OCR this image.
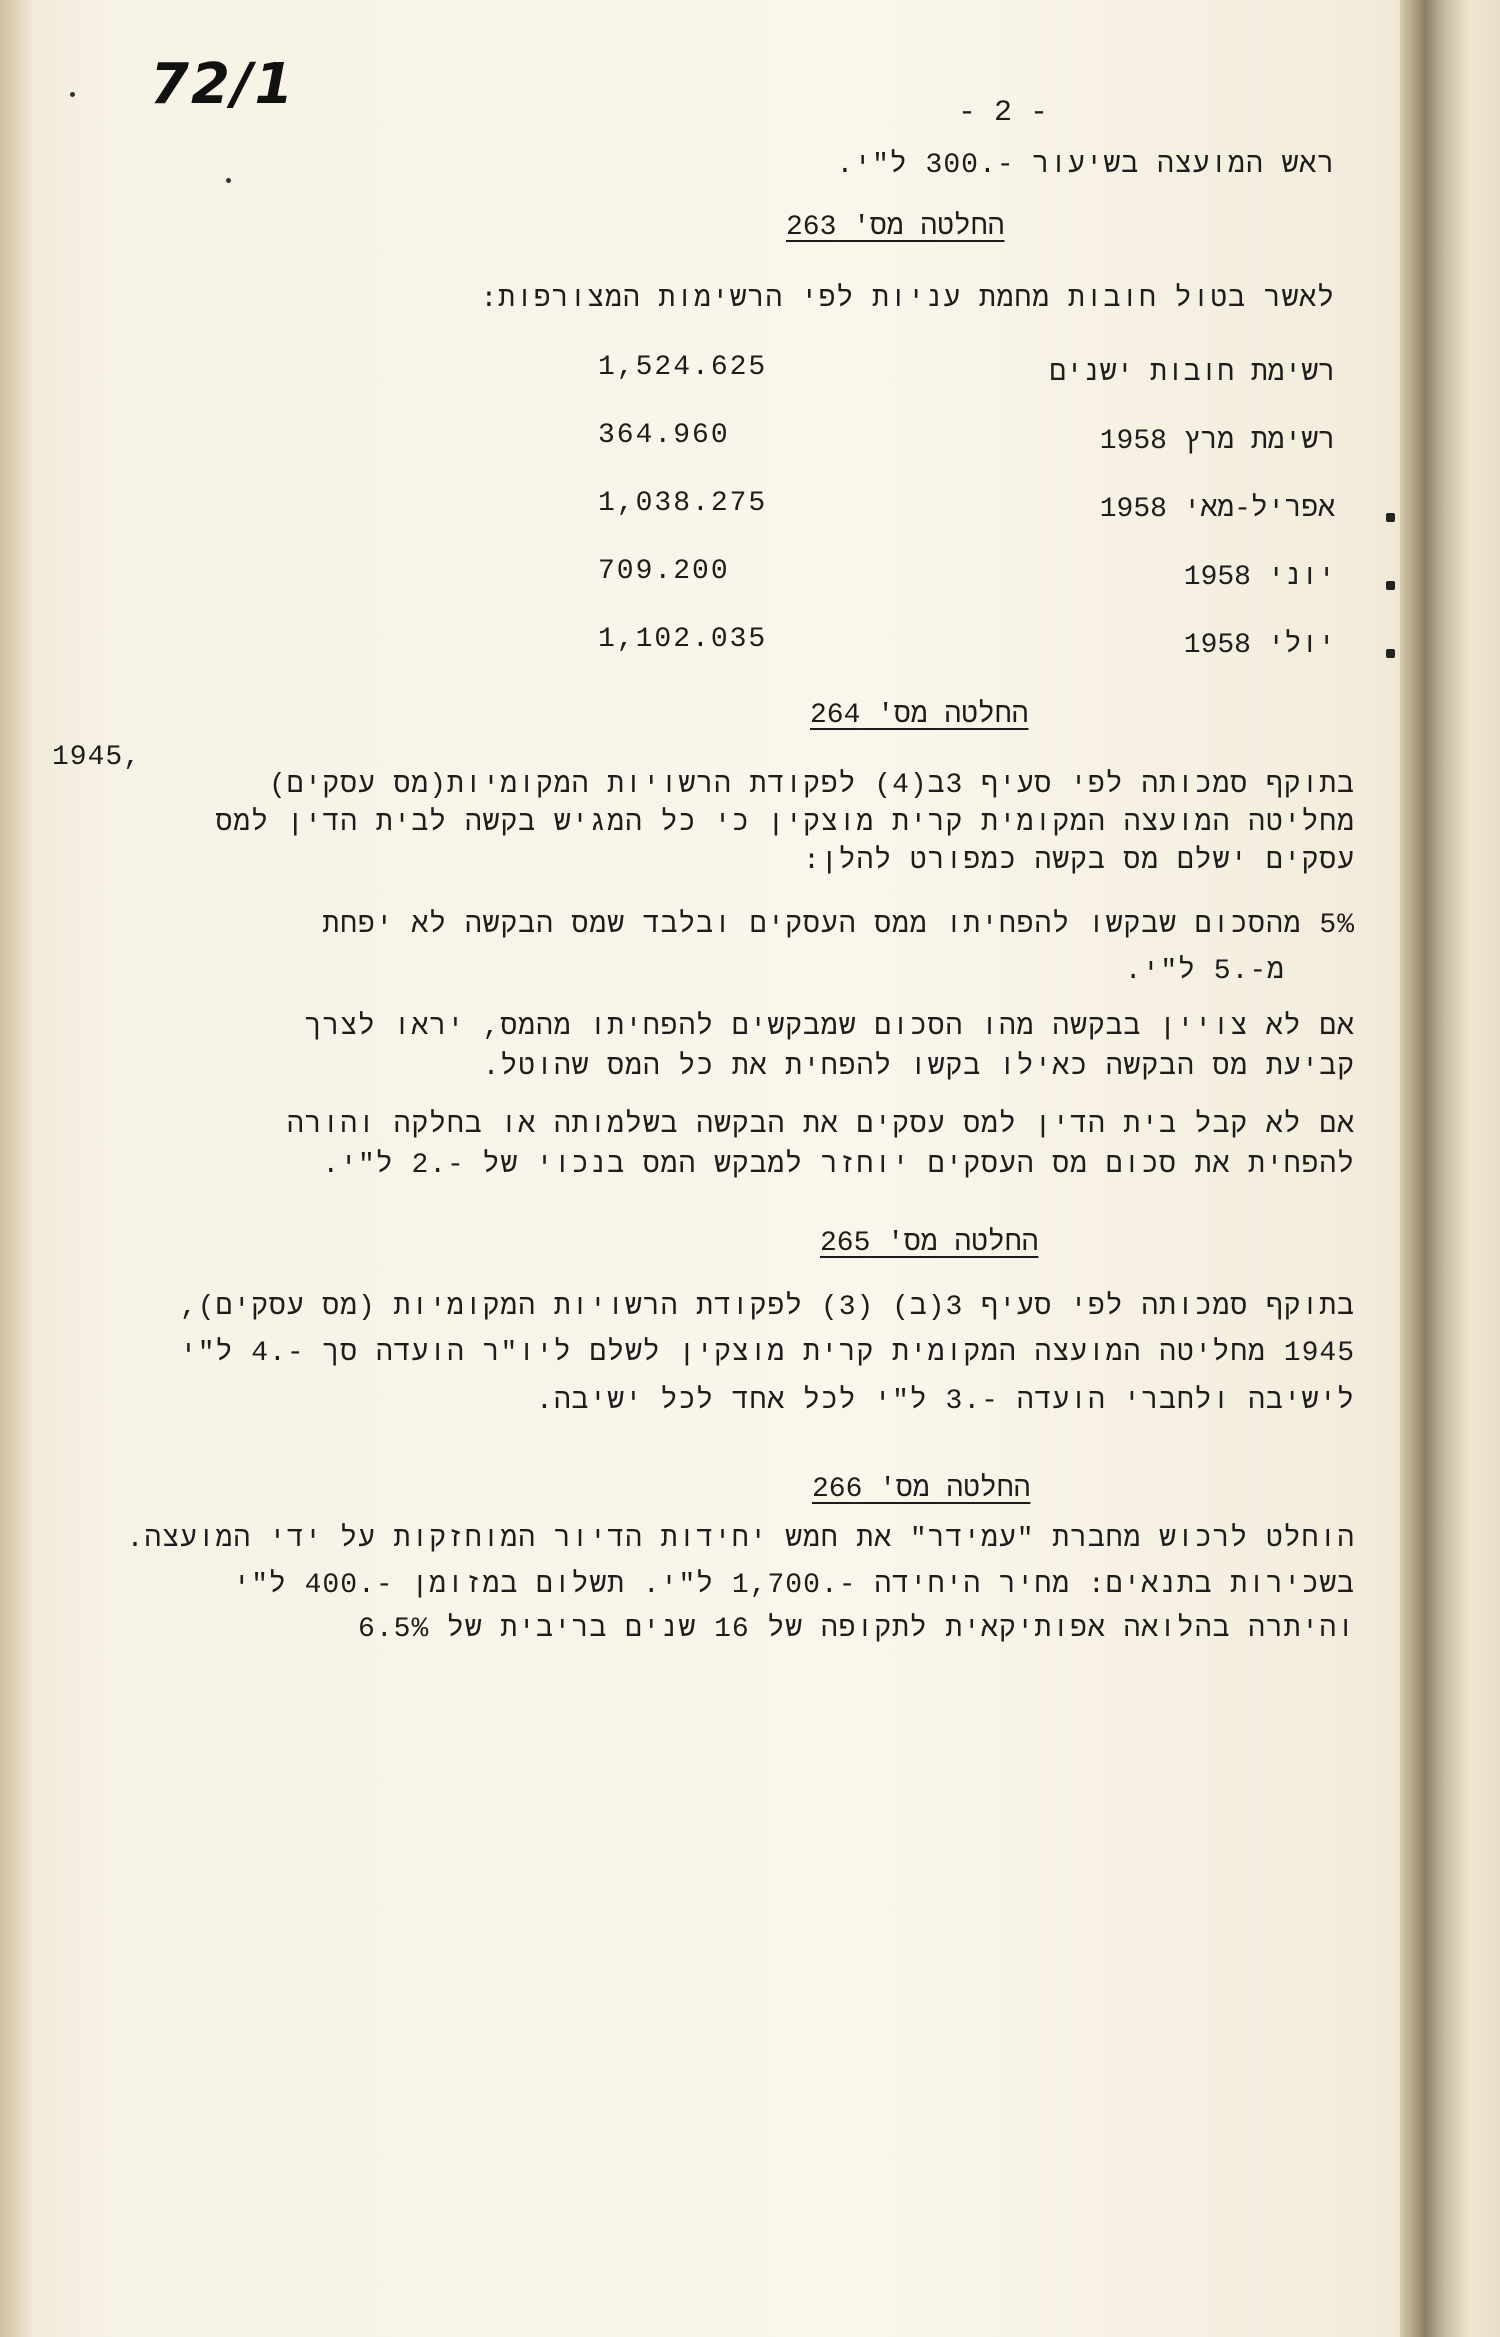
72/1	- 2 -
ראש המועצה בשיעור -.300 ל"י.
החלטה מס' 263
לאשר בטול חובות מחמת עניות לפי הרשימות המצורפות:
רשימת חובות ישנים
1,524.625
רשימת מרץ 1958
364.960
אפריל-מאי 1958
1,038.275
יוני 1958
709.200
יולי 1958
1,102.035
החלטה מס' 264
1945,
בתוקף סמכותה לפי סעיף 3ב(4) לפקודת הרשויות המקומיות(מס עסקים)
מחליטה המועצה המקומית קרית מוצקין כי כל המגיש בקשה לבית הדין למס
עסקים ישלם מס בקשה כמפורט להלן:
5% מהסכום שבקשו להפחיתו ממס העסקים ובלבד שמס הבקשה לא יפחת
מ-.5 ל"י.
אם לא צויין בבקשה מהו הסכום שמבקשים להפחיתו מהמס, יראו לצרך
קביעת מס הבקשה כאילו בקשו להפחית את כל המס שהוטל.
אם לא קבל בית הדין למס עסקים את הבקשה בשלמותה או בחלקה והורה
להפחית את סכום מס העסקים יוחזר למבקש המס בנכוי של -.2 ל"י.
החלטה מס' 265
בתוקף סמכותה לפי סעיף 3(ב) (3) לפקודת הרשויות המקומיות (מס עסקים),
1945 מחליטה המועצה המקומית קרית מוצקין לשלם ליו"ר הועדה סך -.4 ל"י
לישיבה ולחברי הועדה -.3 ל"י לכל אחד לכל ישיבה.
החלטה מס' 266
הוחלט לרכוש מחברת "עמידר" את חמש יחידות הדיור המוחזקות על ידי המועצה.
בשכירות בתנאים: מחיר היחידה -.1,700 ל"י. תשלום במזומן -.400 ל"י
והיתרה בהלואה אפותיקאית לתקופה של 16 שנים בריבית של 6.5%
